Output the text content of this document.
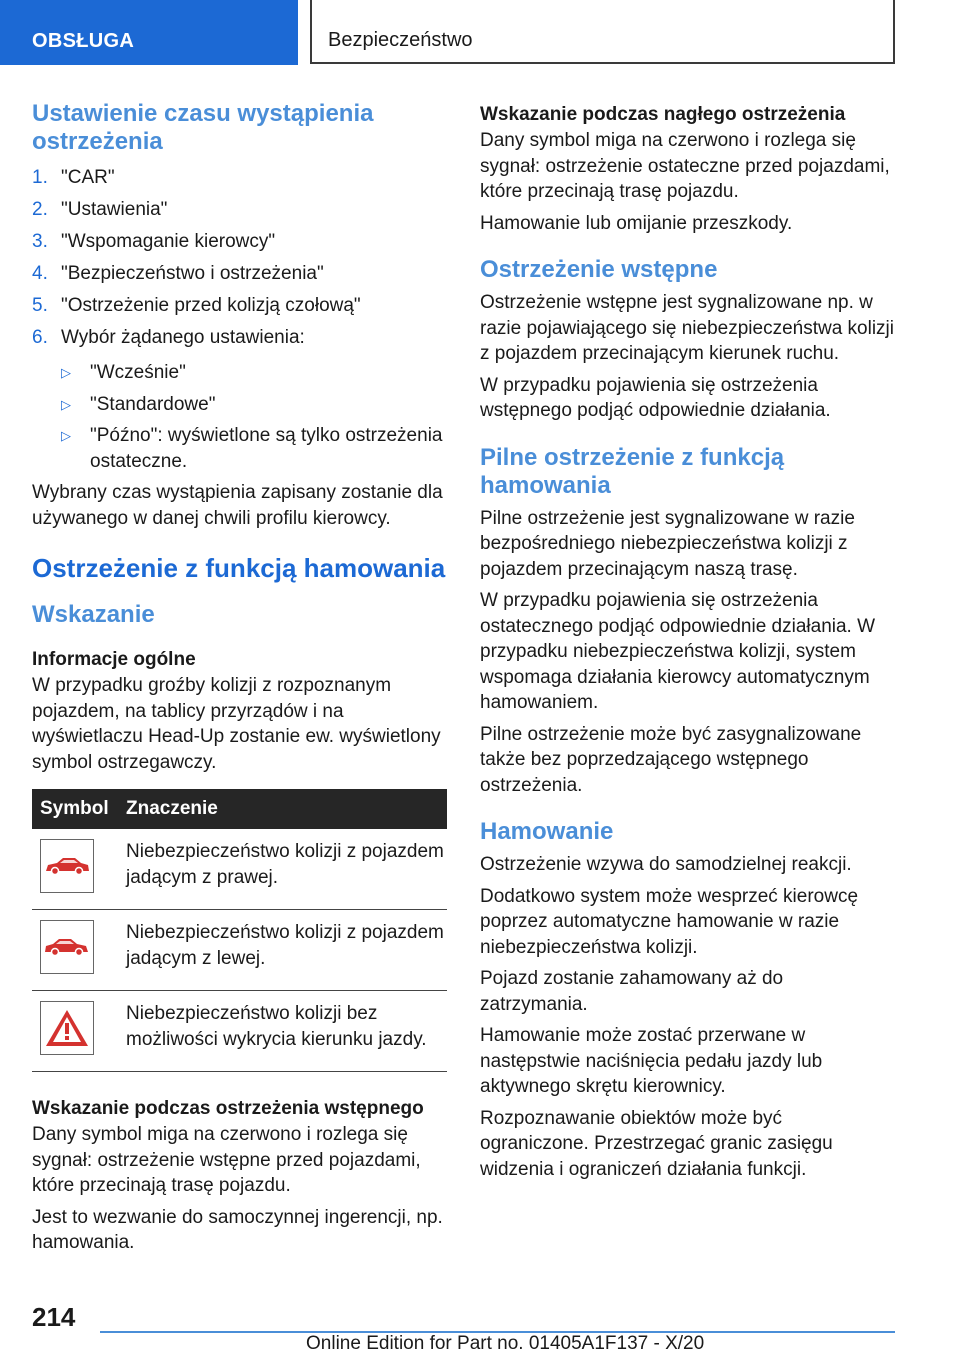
OBSŁUGA	Bezpieczeństwo
Ustawienie czasu wystąpienia ostrzeżenia
1. "CAR"
2. "Ustawienia"
3. "Wspomaganie kierowcy"
4. "Bezpieczeństwo i ostrzeżenia"
5. "Ostrzeżenie przed kolizją czołową"
6. Wybór żądanego ustawienia:
▷	"Wcześnie"
▷	"Standardowe"
▷	"Późno": wyświetlone są tylko ostrzeżenia ostateczne.

Wybrany czas wystąpienia zapisany zostanie dla używanego w danej chwili profilu kierowcy.

Ostrzeżenie z funkcją hamowania
Wskazanie
Informacje ogólne

W przypadku groźby kolizji z rozpoznanym pojazdem, na tablicy przyrządów i na wyświetlaczu Head-Up zostanie ew. wyświetlony symbol ostrzegawczy.

Symbol	Znaczenie

	Niebezpieczeństwo kolizji z pojazdem jadącym z prawej.

	Niebezpieczeństwo kolizji z pojazdem jadącym z lewej.

	Niebezpieczeństwo kolizji bez możliwości wykrycia kierunku jazdy.
Wskazanie podczas ostrzeżenia wstępnego

Dany symbol miga na czerwono i rozlega się sygnał: ostrzeżenie wstępne przed pojazdami, które przecinają trasę pojazdu.

Jest to wezwanie do samoczynnej ingerencji, np. hamowania.

Wskazanie podczas nagłego ostrzeżenia

Dany symbol miga na czerwono i rozlega się sygnał: ostrzeżenie ostateczne przed pojazdami, które przecinają trasę pojazdu.

Hamowanie lub omijanie przeszkody.

Ostrzeżenie wstępne

Ostrzeżenie wstępne jest sygnalizowane np. w razie pojawiającego się niebezpieczeństwa kolizji z pojazdem przecinającym kierunek ruchu.

W przypadku pojawienia się ostrzeżenia wstępnego podjąć odpowiednie działania.

Pilne ostrzeżenie z funkcją hamowania

Pilne ostrzeżenie jest sygnalizowane w razie bezpośredniego niebezpieczeństwa kolizji z pojazdem przecinającym naszą trasę.

W przypadku pojawienia się ostrzeżenia ostatecznego podjąć odpowiednie działania. W przypadku niebezpieczeństwa kolizji, system wspomaga działania kierowcy automatycznym hamowaniem.

Pilne ostrzeżenie może być zasygnalizowane także bez poprzedzającego wstępnego ostrzeżenia.

Hamowanie

Ostrzeżenie wzywa do samodzielnej reakcji.

Dodatkowo system może wesprzeć kierowcę poprzez automatyczne hamowanie w razie niebezpieczeństwa kolizji.

Pojazd zostanie zahamowany aż do zatrzymania.

Hamowanie może zostać przerwane w następstwie naciśnięcia pedału jazdy lub aktywnego skrętu kierownicy.

Rozpoznawanie obiektów może być ograniczone. Przestrzegać granic zasięgu widzenia i ograniczeń działania funkcji.

214
Online Edition for Part no. 01405A1F137 - X/20
